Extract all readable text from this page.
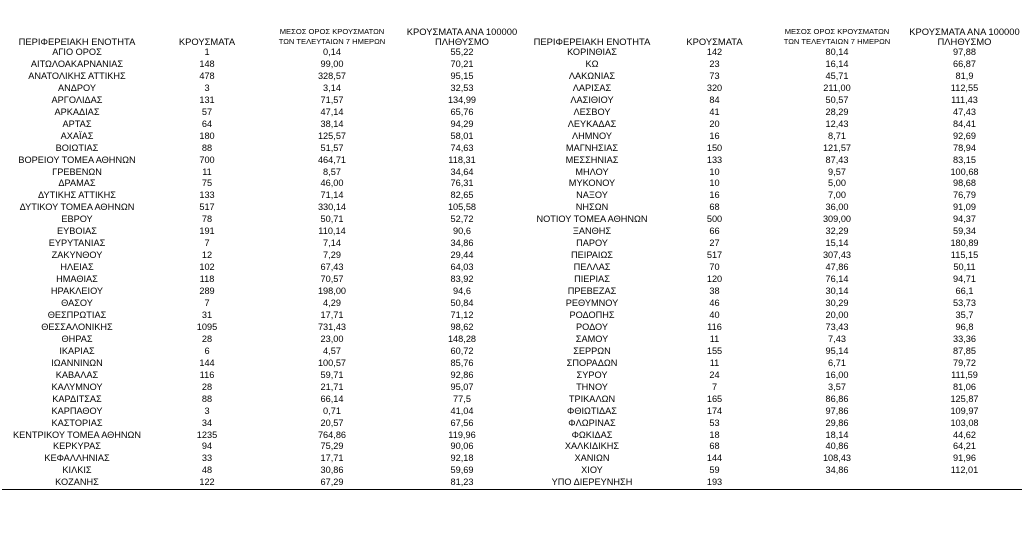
ΠΕΡΙΦΕΡΕΙΑΚΗ ΕΝΟΤΗΤΑ	ΚΡΟΥΣΜΑΤΑ	ΜΕΣΟΣ ΟΡΟΣ ΚΡΟΥΣΜΑΤΩΝ
ΤΩΝ ΤΕΛΕΥΤΑΙΩΝ 7 ΗΜΕΡΩΝ	ΚΡΟΥΣΜΑΤΑ ΑΝΑ 100000
ΠΛΗΘΥΣΜΟ
ΑΓΙΟ ΟΡΟΣ	1	0,14	55,22
ΑΙΤΩΛΟΑΚΑΡΝΑΝΙΑΣ	148	99,00	70,21
ΑΝΑΤΟΛΙΚΗΣ ΑΤΤΙΚΗΣ	478	328,57	95,15
ΑΝΔΡΟΥ	3	3,14	32,53
ΑΡΓΟΛΙΔΑΣ	131	71,57	134,99
ΑΡΚΑΔΙΑΣ	57	47,14	65,76
ΑΡΤΑΣ	64	38,14	94,29
ΑΧΑΪΑΣ	180	125,57	58,01
ΒΟΙΩΤΙΑΣ	88	51,57	74,63
ΒΟΡΕΙΟΥ ΤΟΜΕΑ ΑΘΗΝΩΝ	700	464,71	118,31
ΓΡΕΒΕΝΩΝ	11	8,57	34,64
ΔΡΑΜΑΣ	75	46,00	76,31
ΔΥΤΙΚΗΣ ΑΤΤΙΚΗΣ	133	71,14	82,65
ΔΥΤΙΚΟΥ ΤΟΜΕΑ ΑΘΗΝΩΝ	517	330,14	105,58
ΕΒΡΟΥ	78	50,71	52,72
ΕΥΒΟΙΑΣ	191	110,14	90,6
ΕΥΡΥΤΑΝΙΑΣ	7	7,14	34,86
ΖΑΚΥΝΘΟΥ	12	7,29	29,44
ΗΛΕΙΑΣ	102	67,43	64,03
ΗΜΑΘΙΑΣ	118	70,57	83,92
ΗΡΑΚΛΕΙΟΥ	289	198,00	94,6
ΘΑΣΟΥ	7	4,29	50,84
ΘΕΣΠΡΩΤΙΑΣ	31	17,71	71,12
ΘΕΣΣΑΛΟΝΙΚΗΣ	1095	731,43	98,62
ΘΗΡΑΣ	28	23,00	148,28
ΙΚΑΡΙΑΣ	6	4,57	60,72
ΙΩΑΝΝΙΝΩΝ	144	100,57	85,76
ΚΑΒΑΛΑΣ	116	59,71	92,86
ΚΑΛΥΜΝΟΥ	28	21,71	95,07
ΚΑΡΔΙΤΣΑΣ	88	66,14	77,5
ΚΑΡΠΑΘΟΥ	3	0,71	41,04
ΚΑΣΤΟΡΙΑΣ	34	20,57	67,56
ΚΕΝΤΡΙΚΟΥ ΤΟΜΕΑ ΑΘΗΝΩΝ	1235	764,86	119,96
ΚΕΡΚΥΡΑΣ	94	75,29	90,06
ΚΕΦΑΛΛΗΝΙΑΣ	33	17,71	92,18
ΚΙΛΚΙΣ	48	30,86	59,69
ΚΟΖΑΝΗΣ	122	67,29	81,23
ΠΕΡΙΦΕΡΕΙΑΚΗ ΕΝΟΤΗΤΑ	ΚΡΟΥΣΜΑΤΑ	ΜΕΣΟΣ ΟΡΟΣ ΚΡΟΥΣΜΑΤΩΝ
ΤΩΝ ΤΕΛΕΥΤΑΙΩΝ 7 ΗΜΕΡΩΝ	ΚΡΟΥΣΜΑΤΑ ΑΝΑ 100000
ΠΛΗΘΥΣΜΟ
ΚΟΡΙΝΘΙΑΣ	142	80,14	97,88
ΚΩ	23	16,14	66,87
ΛΑΚΩΝΙΑΣ	73	45,71	81,9
ΛΑΡΙΣΑΣ	320	211,00	112,55
ΛΑΣΙΘΙΟΥ	84	50,57	111,43
ΛΕΣΒΟΥ	41	28,29	47,43
ΛΕΥΚΑΔΑΣ	20	12,43	84,41
ΛΗΜΝΟΥ	16	8,71	92,69
ΜΑΓΝΗΣΙΑΣ	150	121,57	78,94
ΜΕΣΣΗΝΙΑΣ	133	87,43	83,15
ΜΗΛΟΥ	10	9,57	100,68
ΜΥΚΟΝΟΥ	10	5,00	98,68
ΝΑΞΟΥ	16	7,00	76,79
ΝΗΣΩΝ	68	36,00	91,09
ΝΟΤΙΟΥ ΤΟΜΕΑ ΑΘΗΝΩΝ	500	309,00	94,37
ΞΑΝΘΗΣ	66	32,29	59,34
ΠΑΡΟΥ	27	15,14	180,89
ΠΕΙΡΑΙΩΣ	517	307,43	115,15
ΠΕΛΛΑΣ	70	47,86	50,11
ΠΙΕΡΙΑΣ	120	76,14	94,71
ΠΡΕΒΕΖΑΣ	38	30,14	66,1
ΡΕΘΥΜΝΟΥ	46	30,29	53,73
ΡΟΔΟΠΗΣ	40	20,00	35,7
ΡΟΔΟΥ	116	73,43	96,8
ΣΑΜΟΥ	11	7,43	33,36
ΣΕΡΡΩΝ	155	95,14	87,85
ΣΠΟΡΑΔΩΝ	11	6,71	79,72
ΣΥΡΟΥ	24	16,00	111,59
ΤΗΝΟΥ	7	3,57	81,06
ΤΡΙΚΑΛΩΝ	165	86,86	125,87
ΦΘΙΩΤΙΔΑΣ	174	97,86	109,97
ΦΛΩΡΙΝΑΣ	53	29,86	103,08
ΦΩΚΙΔΑΣ	18	18,14	44,62
ΧΑΛΚΙΔΙΚΗΣ	68	40,86	64,21
ΧΑΝΙΩΝ	144	108,43	91,96
ΧΙΟΥ	59	34,86	112,01
ΥΠΟ ΔΙΕΡΕΥΝΗΣΗ	193		
